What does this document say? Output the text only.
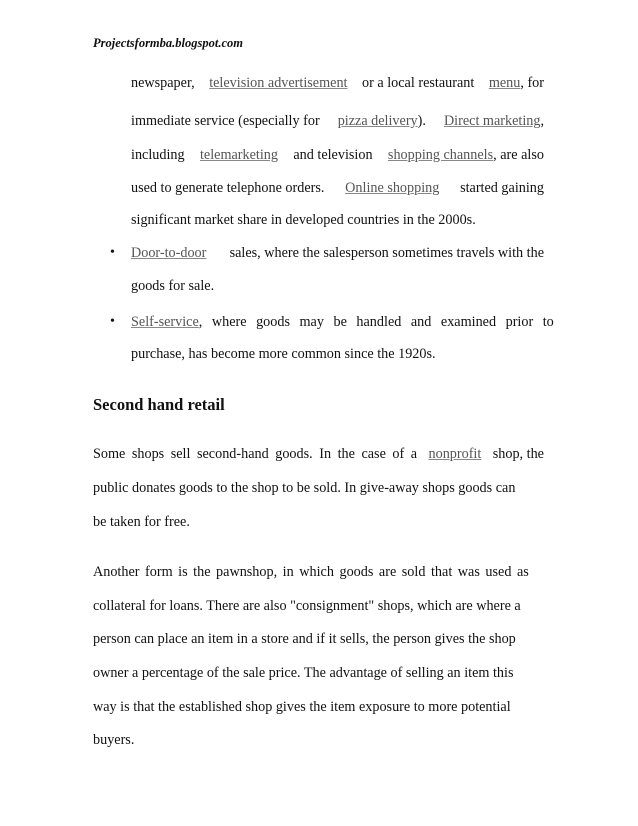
Projectsformba.blogspot.com
newspaper, television advertisement or a local restaurant menu, for
immediate service (especially for pizza delivery). Direct marketing,
including telemarketing and television shopping channels, are also
used to generate telephone orders. Online shopping started gaining
significant market share in developed countries in the 2000s.
• Door-to-door sales, where the salesperson sometimes travels with the
goods for sale.
• Self-service, where goods may be handled and examined prior to
purchase, has become more common since the 1920s.
Second hand retail
Some shops sell second-hand goods. In the case of a nonprofit shop, the
public donates goods to the shop to be sold. In give-away shops goods can
be taken for free.
Another form is the pawnshop, in which goods are sold that was used as
collateral for loans. There are also "consignment" shops, which are where a
person can place an item in a store and if it sells, the person gives the shop
owner a percentage of the sale price. The advantage of selling an item this
way is that the established shop gives the item exposure to more potential
buyers.
